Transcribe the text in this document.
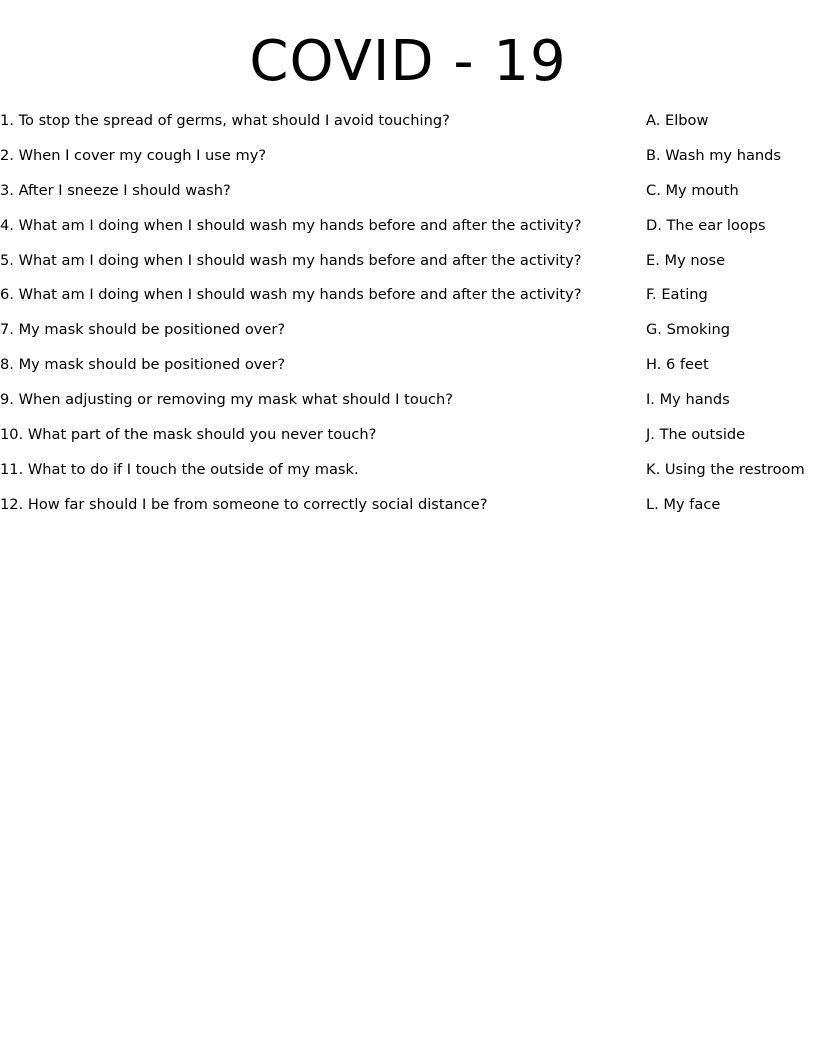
COVID - 19
1. To stop the spread of germs, what should I avoid touching?
2. When I cover my cough I use my?
3. After I sneeze I should wash?
4. What am I doing when I should wash my hands before and after the activity?
5. What am I doing when I should wash my hands before and after the activity?
6. What am I doing when I should wash my hands before and after the activity?
7. My mask should be positioned over?
8. My mask should be positioned over?
9. When adjusting or removing my mask what should I touch?
10. What part of the mask should you never touch?
11. What to do if I touch the outside of my mask.
12. How far should I be from someone to correctly social distance?
A. Elbow
B. Wash my hands
C. My mouth
D. The ear loops
E. My nose
F. Eating
G. Smoking
H. 6 feet
I. My hands
J. The outside
K. Using the restroom
L. My face
